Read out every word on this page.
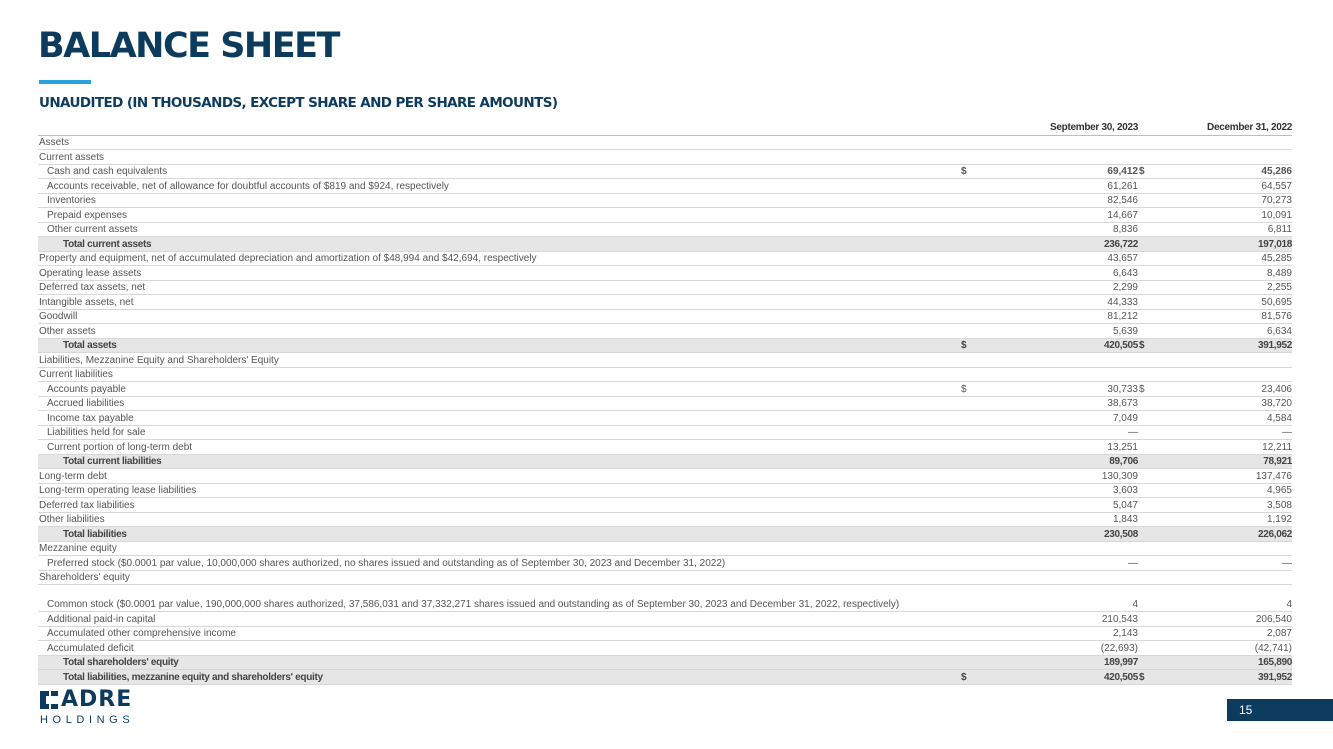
BALANCE SHEET
UNAUDITED (IN THOUSANDS, EXCEPT SHARE AND PER SHARE AMOUNTS)
	September 30, 2023		December 31, 2022	
Assets				
Current assets				
Cash and cash equivalents	$	69,412	$	45,286
Accounts receivable, net of allowance for doubtful accounts of $819 and $924, respectively		61,261		64,557
Inventories		82,546		70,273
Prepaid expenses		14,667		10,091
Other current assets		8,836		6,811
Total current assets		236,722		197,018
Property and equipment, net of accumulated depreciation and amortization of $48,994 and $42,694, respectively		43,657		45,285
Operating lease assets		6,643		8,489
Deferred tax assets, net		2,299		2,255
Intangible assets, net		44,333		50,695
Goodwill		81,212		81,576
Other assets		5,639		6,634
Total assets	$	420,505	$	391,952
Liabilities, Mezzanine Equity and Shareholders' Equity				
Current liabilities				
Accounts payable	$	30,733	$	23,406
Accrued liabilities		38,673		38,720
Income tax payable		7,049		4,584
Liabilities held for sale		—		—
Current portion of long-term debt		13,251		12,211
Total current liabilities		89,706		78,921
Long-term debt		130,309		137,476
Long-term operating lease liabilities		3,603		4,965
Deferred tax liabilities		5,047		3,508
Other liabilities		1,843		1,192
Total liabilities		230,508		226,062
Mezzanine equity				
Preferred stock ($0.0001 par value, 10,000,000 shares authorized, no shares issued and outstanding as of September 30, 2023 and December 31, 2022)		—		—
Shareholders' equity				
Common stock ($0.0001 par value, 190,000,000 shares authorized, 37,586,031 and 37,332,271 shares issued and outstanding as of September 30, 2023 and December 31, 2022, respectively)		4		4
Additional paid-in capital		210,543		206,540
Accumulated other comprehensive income		2,143		2,087
Accumulated deficit		(22,693)		(42,741)
Total shareholders' equity		189,997		165,890
Total liabilities, mezzanine equity and shareholders' equity	$	420,505	$	391,952
ADRE
HOLDINGS
15
